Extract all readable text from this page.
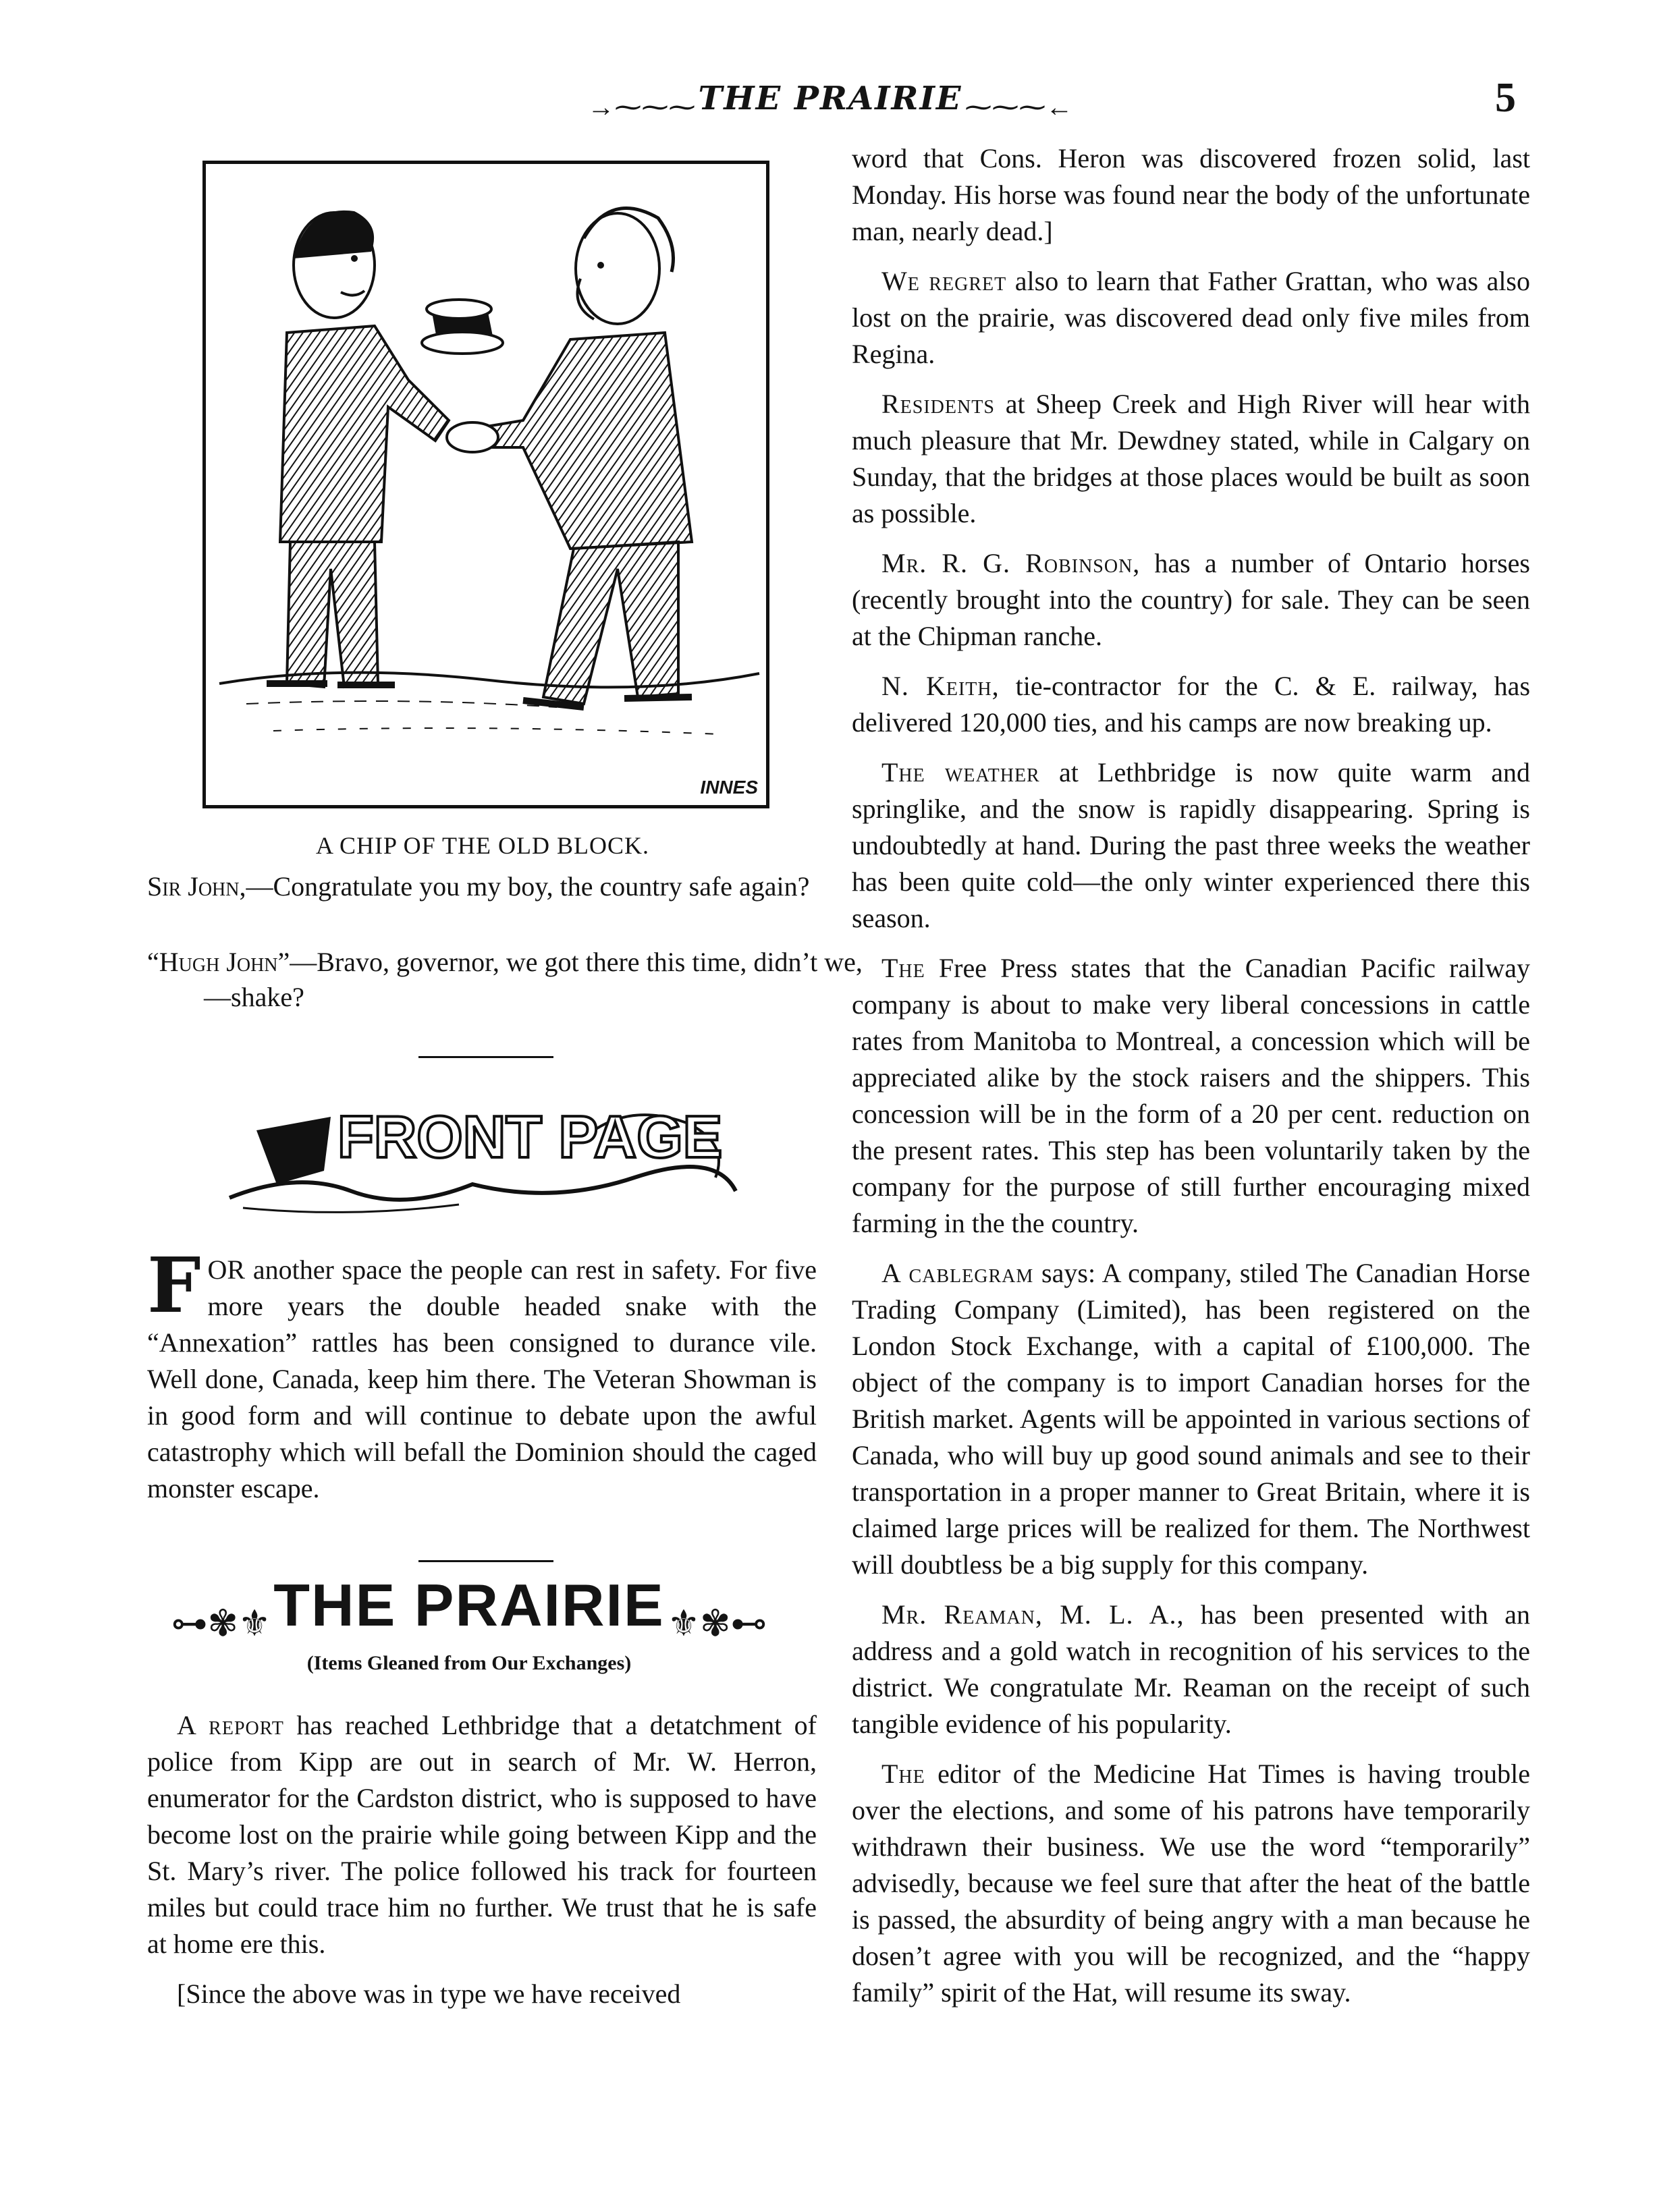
→⁓⁓⁓ THE PRAIRIE ⁓⁓⁓←	5
INNES
A CHIP OF THE OLD BLOCK.
Sir John,—Congratulate you my boy, the country safe again?
“Hugh John”—Bravo, governor, we got there this time, didn’t we,—shake?
FRONT PAGE

FOR another space the people can rest in safety. For five more years the double headed snake with the “Annexation” rattles has been consigned to durance vile. Well done, Canada, keep him there. The Veteran Showman is in good form and will continue to debate upon the awful catastrophy which will befall the Dominion should the caged monster escape.

⊶✾⚜ THE PRAIRIE ⚜✾⊷
(Items Gleaned from Our Exchanges)

A report has reached Lethbridge that a detatchment of police from Kipp are out in search of Mr. W. Herron, enumerator for the Cardston district, who is supposed to have become lost on the prairie while going between Kipp and the St. Mary’s river. The police followed his track for fourteen miles but could trace him no further. We trust that he is safe at home ere this.

[Since the above was in type we have received

word that Cons. Heron was discovered frozen solid, last Monday. His horse was found near the body of the unfortunate man, nearly dead.]

We regret also to learn that Father Grattan, who was also lost on the prairie, was discovered dead only five miles from Regina.

Residents at Sheep Creek and High River will hear with much pleasure that Mr. Dewdney stated, while in Calgary on Sunday, that the bridges at those places would be built as soon as possible.

Mr. R. G. Robinson, has a number of Ontario horses (recently brought into the country) for sale. They can be seen at the Chipman ranche.

N. Keith, tie-contractor for the C. & E. railway, has delivered 120,000 ties, and his camps are now breaking up.

The weather at Lethbridge is now quite warm and springlike, and the snow is rapidly disappearing. Spring is undoubtedly at hand. During the past three weeks the weather has been quite cold—the only winter experienced there this season.

The Free Press states that the Canadian Pacific railway company is about to make very liberal concessions in cattle rates from Manitoba to Montreal, a concession which will be appreciated alike by the stock raisers and the shippers. This concession will be in the form of a 20 per cent. reduction on the present rates. This step has been voluntarily taken by the company for the purpose of still further encouraging mixed farming in the the country.

A cablegram says: A company, stiled The Canadian Horse Trading Company (Limited), has been registered on the London Stock Exchange, with a capital of £100,000. The object of the company is to import Canadian horses for the British market. Agents will be appointed in various sections of Canada, who will buy up good sound animals and see to their transportation in a proper manner to Great Britain, where it is claimed large prices will be realized for them. The Northwest will doubtless be a big supply for this company.

Mr. Reaman, M. L. A., has been presented with an address and a gold watch in recognition of his services to the district. We congratulate Mr. Reaman on the receipt of such tangible evidence of his popularity.

The editor of the Medicine Hat Times is having trouble over the elections, and some of his patrons have temporarily withdrawn their business. We use the word “temporarily” advisedly, because we feel sure that after the heat of the battle is passed, the absurdity of being angry with a man because he dosen’t agree with you will be recognized, and the “happy family” spirit of the Hat, will resume its sway.
